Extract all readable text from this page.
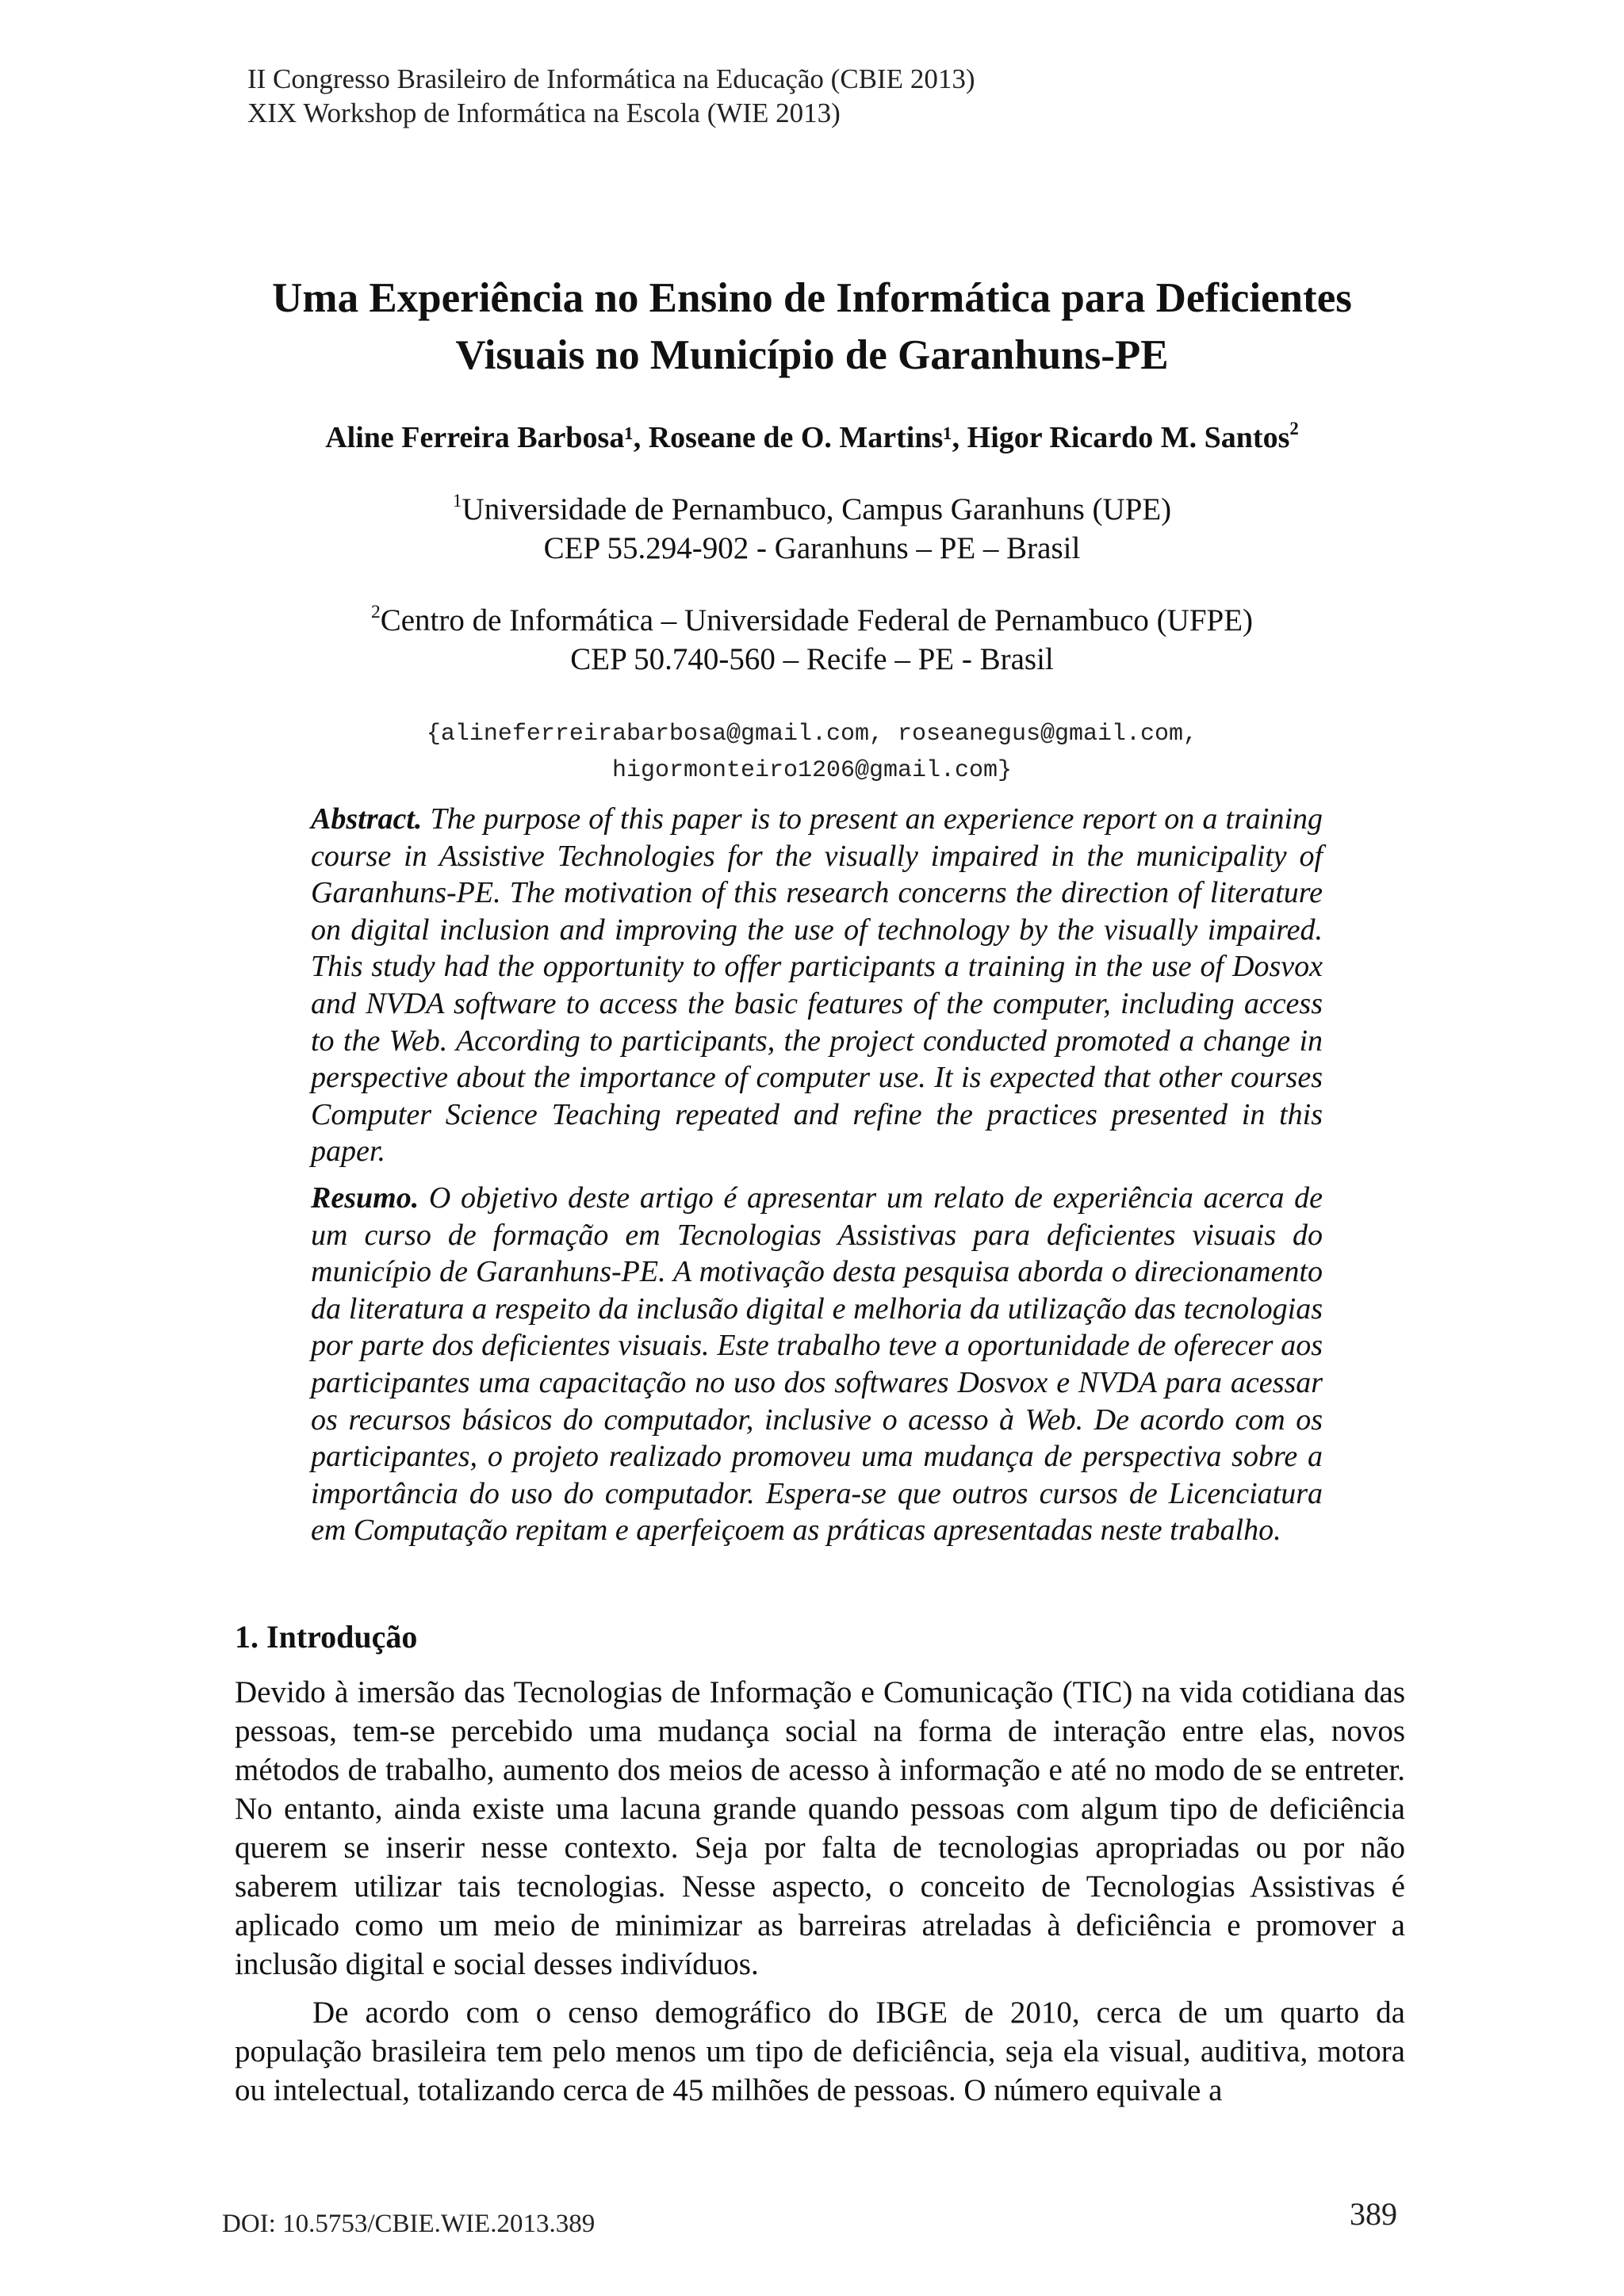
II Congresso Brasileiro de Informática na Educação (CBIE 2013)
XIX Workshop de Informática na Escola (WIE 2013)
Uma Experiência no Ensino de Informática para Deficientes
Visuais no Município de Garanhuns-PE
Aline Ferreira Barbosa¹, Roseane de O. Martins¹, Higor Ricardo M. Santos$^2$
$^1$Universidade de Pernambuco, Campus Garanhuns (UPE)
CEP 55.294-902 - Garanhuns – PE – Brasil
$^2$Centro de Informática – Universidade Federal de Pernambuco (UFPE)
CEP 50.740-560 – Recife – PE - Brasil
{alineferreirabarbosa@gmail.com, roseanegus@gmail.com,
higormonteiro1206@gmail.com}
Abstract. The purpose of this paper is to present an experience report on a training course in Assistive Technologies for the visually impaired in the municipality of Garanhuns-PE. The motivation of this research concerns the direction of literature on digital inclusion and improving the use of technology by the visually impaired. This study had the opportunity to offer participants a training in the use of Dosvox and NVDA software to access the basic features of the computer, including access to the Web. According to participants, the project conducted promoted a change in perspective about the importance of computer use. It is expected that other courses Computer Science Teaching repeated and refine the practices presented in this paper.
Resumo. O objetivo deste artigo é apresentar um relato de experiência acerca de um curso de formação em Tecnologias Assistivas para deficientes visuais do município de Garanhuns-PE. A motivação desta pesquisa aborda o direcionamento da literatura a respeito da inclusão digital e melhoria da utilização das tecnologias por parte dos deficientes visuais. Este trabalho teve a oportunidade de oferecer aos participantes uma capacitação no uso dos softwares Dosvox e NVDA para acessar os recursos básicos do computador, inclusive o acesso à Web. De acordo com os participantes, o projeto realizado promoveu uma mudança de perspectiva sobre a importância do uso do computador. Espera-se que outros cursos de Licenciatura em Computação repitam e aperfeiçoem as práticas apresentadas neste trabalho.
1. Introdução
Devido à imersão das Tecnologias de Informação e Comunicação (TIC) na vida cotidiana das pessoas, tem-se percebido uma mudança social na forma de interação entre elas, novos métodos de trabalho, aumento dos meios de acesso à informação e até no modo de se entreter. No entanto, ainda existe uma lacuna grande quando pessoas com algum tipo de deficiência querem se inserir nesse contexto. Seja por falta de tecnologias apropriadas ou por não saberem utilizar tais tecnologias. Nesse aspecto, o conceito de Tecnologias Assistivas é aplicado como um meio de minimizar as barreiras atreladas à deficiência e promover a inclusão digital e social desses indivíduos.
De acordo com o censo demográfico do IBGE de 2010, cerca de um quarto da população brasileira tem pelo menos um tipo de deficiência, seja ela visual, auditiva, motora ou intelectual, totalizando cerca de 45 milhões de pessoas. O número equivale a
DOI: 10.5753/CBIE.WIE.2013.389	389
